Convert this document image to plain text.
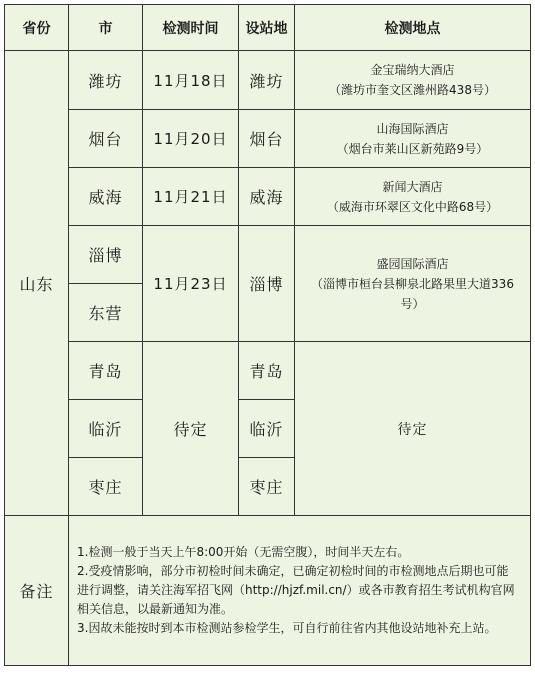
省份	市	检测时间	设站地	检测地点
山东	潍坊	11月18日	潍坊	金宝瑞纳大酒店
（潍坊市奎文区潍州路438号）

	烟台	11月20日	烟台	山海国际酒店
（烟台市莱山区新苑路9号）

	威海	11月21日	威海	新闻大酒店
（威海市环翠区文化中路68号）

	淄博	11月23日	淄博	盛园国际酒店
（淄博市桓台县柳泉北路果里大道336号）

	东营			
	青岛	待定	青岛	待定
	临沂		临沂	
	枣庄		枣庄	
备注	1.检测一般于当天上午8:00开始（无需空腹），时间半天左右。

2.受疫情影响，部分市初检时间未确定，已确定初检时间的市检测地点后期也可能进行调整，请关注海军招飞网（http://hjzf.mil.cn/）或各市教育招生考试机构官网相关信息，以最新通知为准。

3.因故未能按时到本市检测站参检学生，可自行前往省内其他设站地补充上站。			
